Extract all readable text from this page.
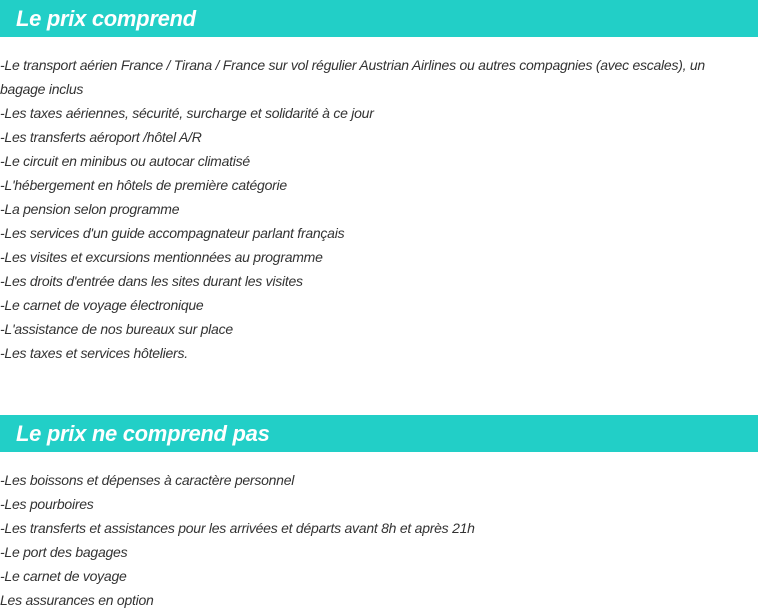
Le prix comprend
-Le transport aérien France / Tirana / France sur vol régulier Austrian Airlines ou autres compagnies (avec escales), un bagage inclus
-Les taxes aériennes, sécurité, surcharge et solidarité à ce jour
-Les transferts aéroport /hôtel A/R
-Le circuit en minibus ou autocar climatisé
-L'hébergement en hôtels de première catégorie
-La pension selon programme
-Les services d'un guide accompagnateur parlant français
-Les visites et excursions mentionnées au programme
-Les droits d'entrée dans les sites durant les visites
-Le carnet de voyage électronique
-L'assistance de nos bureaux sur place
-Les taxes et services hôteliers.
Le prix ne comprend pas
-Les boissons et dépenses à caractère personnel
-Les pourboires
-Les transferts et assistances pour les arrivées et départs avant 8h et après 21h
-Le port des bagages
-Le carnet de voyage
Les assurances en option
